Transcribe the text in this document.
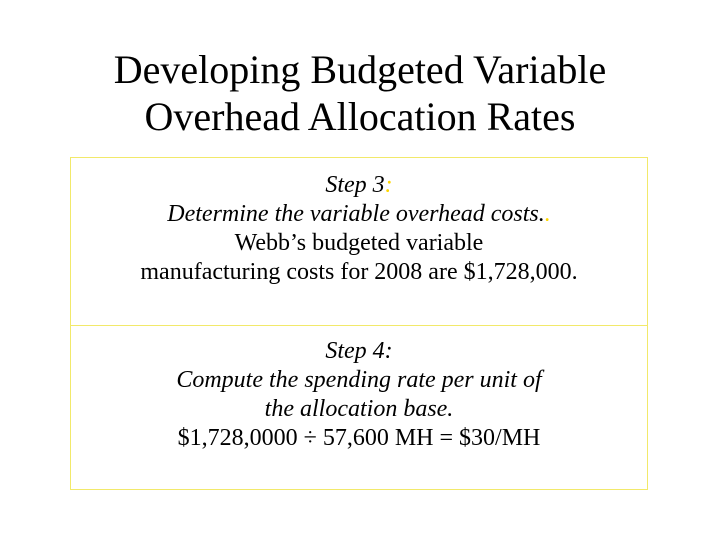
Developing Budgeted Variable
Overhead Allocation Rates
Step 3:
Determine the variable overhead costs..
Webb’s budgeted variable
manufacturing costs for 2008 are $1,728,000.
Step 4:
Compute the spending rate per unit of
the allocation base.
$1,728,0000 ÷ 57,600 MH = $30/MH
